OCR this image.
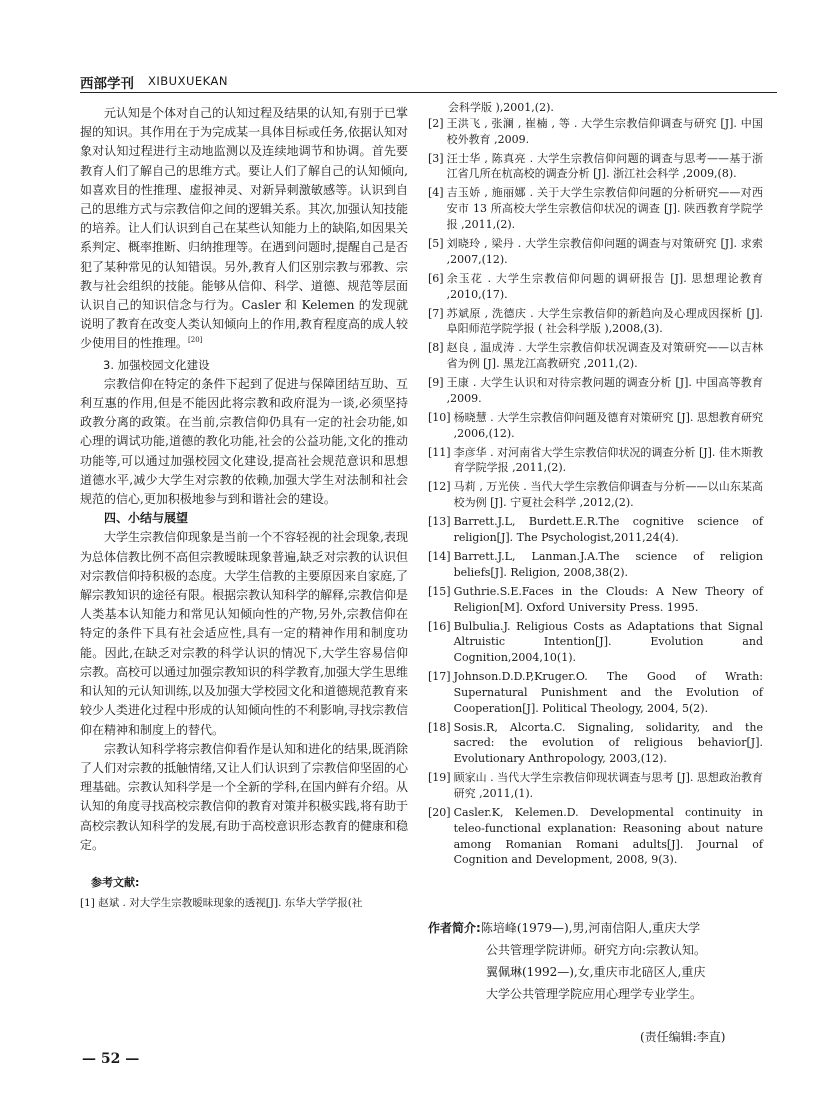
西部学刊 XIBUXUEKAN

元认知是个体对自己的认知过程及结果的认知,有别于已掌握的知识。其作用在于为完成某一具体目标或任务,依据认知对象对认知过程进行主动地监测以及连续地调节和协调。首先要教育人们了解自己的思维方式。要让人们了解自己的认知倾向,如喜欢目的性推理、虚报神灵、对新异刺激敏感等。认识到自己的思维方式与宗教信仰之间的逻辑关系。其次,加强认知技能的培养。让人们认识到自己在某些认知能力上的缺陷,如因果关系判定、概率推断、归纳推理等。在遇到问题时,提醒自己是否犯了某种常见的认知错误。另外,教育人们区别宗教与邪教、宗教与社会组织的技能。能够从信仰、科学、道德、规范等层面认识自己的知识信念与行为。Casler 和 Kelemen 的发现就说明了教育在改变人类认知倾向上的作用,教育程度高的成人较少使用目的性推理。[20]

3. 加强校园文化建设

宗教信仰在特定的条件下起到了促进与保障团结互助、互利互惠的作用,但是不能因此将宗教和政府混为一谈,必须坚持政教分离的政策。在当前,宗教信仰仍具有一定的社会功能,如心理的调试功能,道德的教化功能,社会的公益功能,文化的推动功能等,可以通过加强校园文化建设,提高社会规范意识和思想道德水平,减少大学生对宗教的依赖,加强大学生对法制和社会规范的信心,更加积极地参与到和谐社会的建设。

四、小结与展望

大学生宗教信仰现象是当前一个不容轻视的社会现象,表现为总体信教比例不高但宗教暧昧现象普遍,缺乏对宗教的认识但对宗教信仰持积极的态度。大学生信教的主要原因来自家庭,了解宗教知识的途径有限。根据宗教认知科学的解释,宗教信仰是人类基本认知能力和常见认知倾向性的产物,另外,宗教信仰在特定的条件下具有社会适应性,具有一定的精神作用和制度功能。因此,在缺乏对宗教的科学认识的情况下,大学生容易信仰宗教。高校可以通过加强宗教知识的科学教育,加强大学生思维和认知的元认知训练,以及加强大学校园文化和道德规范教育来较少人类进化过程中形成的认知倾向性的不利影响,寻找宗教信仰在精神和制度上的替代。

宗教认知科学将宗教信仰看作是认知和进化的结果,既消除了人们对宗教的抵触情绪,又让人们认识到了宗教信仰坚固的心理基础。宗教认知科学是一个全新的学科,在国内鲜有介绍。从认知的角度寻找高校宗教信仰的教育对策并积极实践,将有助于高校宗教认知科学的发展,有助于高校意识形态教育的健康和稳定。

参考文献:

[1] 赵斌 . 对大学生宗教暧昧现象的透视[J]. 东华大学学报(社

会科学版 ),2001,(2).

[2] 王洪飞 , 张澜 , 崔楠 , 等 . 大学生宗教信仰调查与研究 [J]. 中国校外教育 ,2009.
[3] 汪士华 , 陈真亮 . 大学生宗教信仰问题的调查与思考——基于浙江省几所在杭高校的调查分析 [J]. 浙江社会科学 ,2009,(8).
[4] 吉玉娇 , 施丽娜 . 关于大学生宗教信仰问题的分析研究——对西安市 13 所高校大学生宗教信仰状况的调查 [J]. 陕西教育学院学报 ,2011,(2).
[5] 刘晓玲 , 梁丹 . 大学生宗教信仰问题的调查与对策研究 [J]. 求索 ,2007,(12).
[6] 余玉花 . 大学生宗教信仰问题的调研报告 [J]. 思想理论教育 ,2010,(17).
[7] 苏斌原 , 洗德庆 . 大学生宗教信仰的新趋向及心理成因探析 [J]. 阜阳师范学院学报 ( 社会科学版 ),2008,(3).
[8] 赵良 , 温成涛 . 大学生宗教信仰状况调查及对策研究——以吉林省为例 [J]. 黑龙江高教研究 ,2011,(2).
[9] 王康 . 大学生认识和对待宗教问题的调查分析 [J]. 中国高等教育 ,2009.
[10] 杨晓慧 . 大学生宗教信仰问题及德育对策研究 [J]. 思想教育研究 ,2006,(12).
[11] 李彦华 . 对河南省大学生宗教信仰状况的调查分析 [J]. 佳木斯教育学院学报 ,2011,(2).
[12] 马莉 , 万光侠 . 当代大学生宗教信仰调查与分析——以山东某高校为例 [J]. 宁夏社会科学 ,2012,(2).
[13] Barrett.J.L, Burdett.E.R.The cognitive science of religion[J]. The Psychologist,2011,24(4).
[14] Barrett.J.L, Lanman.J.A.The science of religion beliefs[J]. Religion, 2008,38(2).
[15] Guthrie.S.E.Faces in the Clouds: A New Theory of Religion[M]. Oxford University Press. 1995.
[16] Bulbulia.J. Religious Costs as Adaptations that Signal Altruistic Intention[J]. Evolution and Cognition,2004,10(1).
[17] Johnson.D.D.P,Kruger.O. The Good of Wrath: Supernatural Punishment and the Evolution of Cooperation[J]. Political Theology, 2004, 5(2).
[18] Sosis.R, Alcorta.C. Signaling, solidarity, and the sacred: the evolution of religious behavior[J]. Evolutionary Anthropology, 2003,(12).
[19] 顾家山 . 当代大学生宗教信仰现状调查与思考 [J]. 思想政治教育研究 ,2011,(1).
[20] Casler.K, Kelemen.D. Developmental continuity in teleo-functional explanation: Reasoning about nature among Romanian Romani adults[J]. Journal of Cognition and Development, 2008, 9(3).

作者简介:陈培峰(1979—),男,河南信阳人,重庆大学

公共管理学院讲师。研究方向:宗教认知。

翼佩琳(1992—),女,重庆市北碚区人,重庆

大学公共管理学院应用心理学专业学生。

(责任编辑:李直)
— 52 —
